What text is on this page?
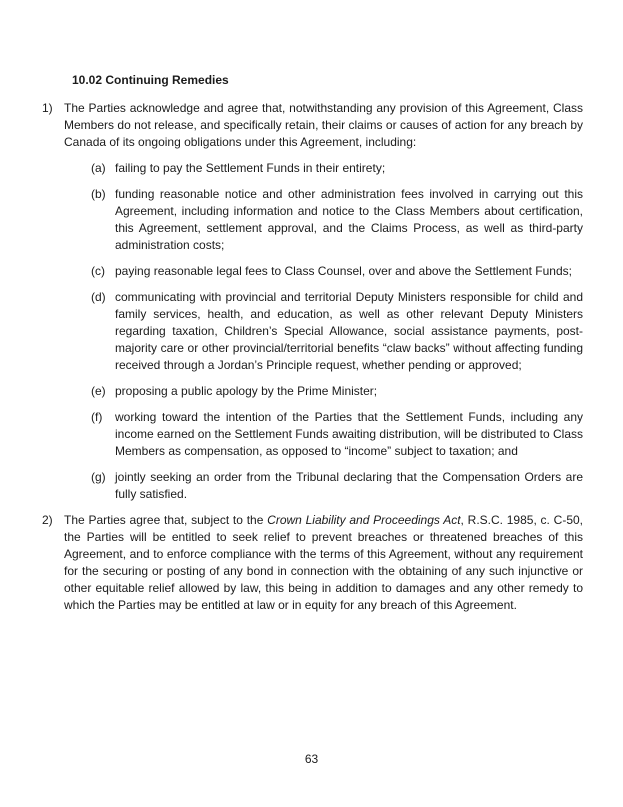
10.02 Continuing Remedies
1) The Parties acknowledge and agree that, notwithstanding any provision of this Agreement, Class Members do not release, and specifically retain, their claims or causes of action for any breach by Canada of its ongoing obligations under this Agreement, including:

(a) failing to pay the Settlement Funds in their entirety;
(b) funding reasonable notice and other administration fees involved in carrying out this Agreement, including information and notice to the Class Members about certification, this Agreement, settlement approval, and the Claims Process, as well as third-party administration costs;
(c) paying reasonable legal fees to Class Counsel, over and above the Settlement Funds;
(d) communicating with provincial and territorial Deputy Ministers responsible for child and family services, health, and education, as well as other relevant Deputy Ministers regarding taxation, Children’s Special Allowance, social assistance payments, post-majority care or other provincial/territorial benefits “claw backs” without affecting funding received through a Jordan’s Principle request, whether pending or approved;
(e) proposing a public apology by the Prime Minister;
(f)	working toward the intention of the Parties that the Settlement Funds, including any income earned on the Settlement Funds awaiting distribution, will be distributed to Class Members as compensation, as opposed to “income” subject to taxation; and
(g) jointly seeking an order from the Tribunal declaring that the Compensation Orders are fully satisfied.
2) The Parties agree that, subject to the Crown Liability and Proceedings Act, R.S.C. 1985, c. C-50, the Parties will be entitled to seek relief to prevent breaches or threatened breaches of this Agreement, and to enforce compliance with the terms of this Agreement, without any requirement for the securing or posting of any bond in connection with the obtaining of any such injunctive or other equitable relief allowed by law, this being in addition to damages and any other remedy to which the Parties may be entitled at law or in equity for any breach of this Agreement.

63
